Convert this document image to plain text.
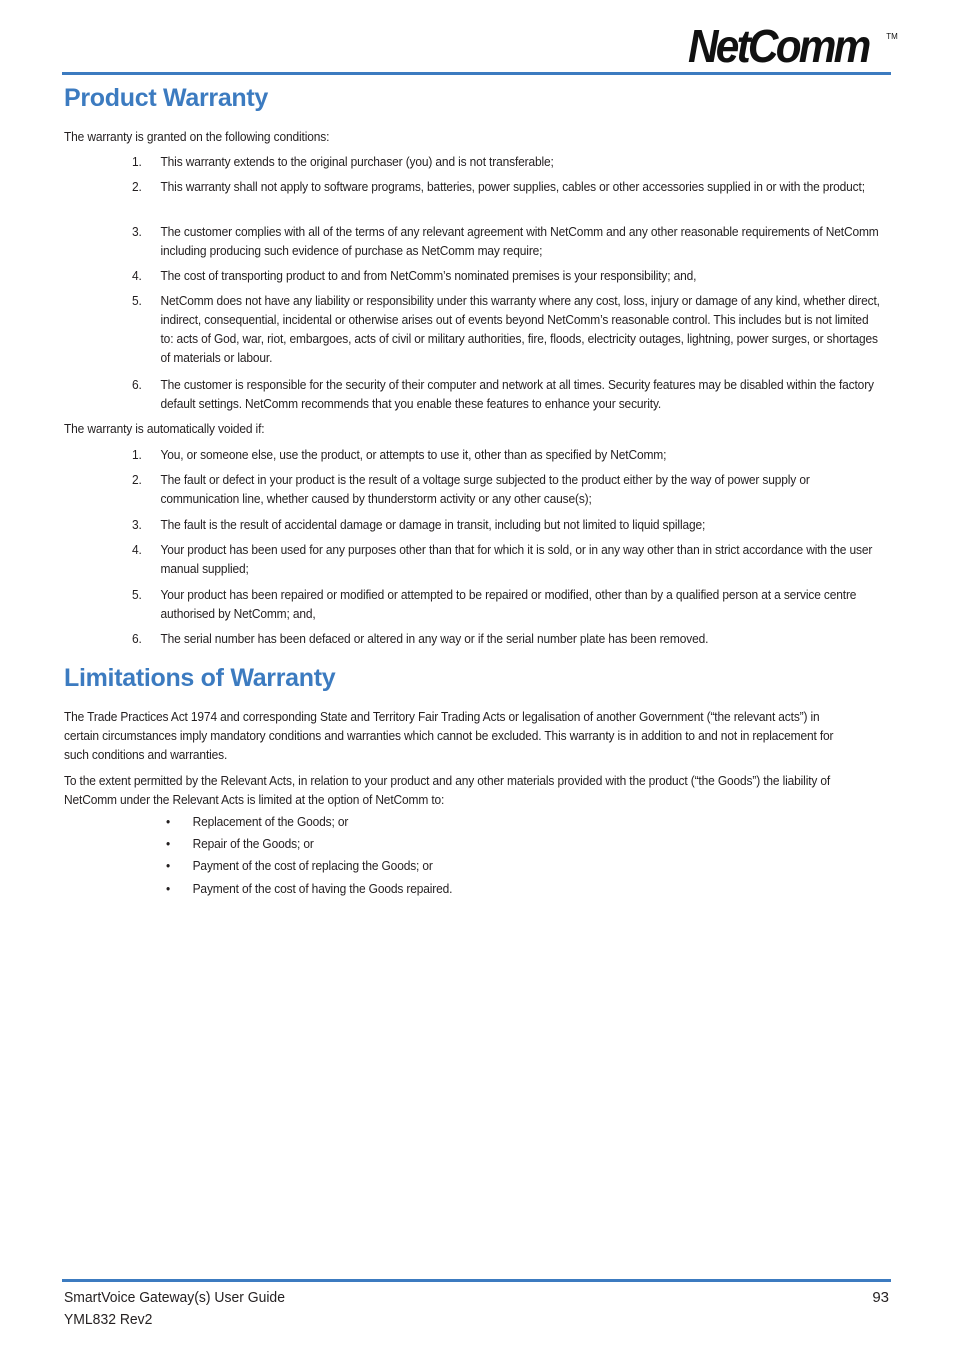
NetComm TM
Product Warranty

The warranty is granted on the following conditions:

1.	This warranty extends to the original purchaser (you) and is not transferable;
2.	This warranty shall not apply to software programs, batteries, power supplies, cables or other accessories supplied in or with the product;
3.	The customer complies with all of the terms of any relevant agreement with NetComm and any other reasonable requirements of NetComm including producing such evidence of purchase as NetComm may require;
4.	The cost of transporting product to and from NetComm’s nominated premises is your responsibility; and,
5.	NetComm does not have any liability or responsibility under this warranty where any cost, loss, injury or damage of any kind, whether direct, indirect, consequential, incidental or otherwise arises out of events beyond NetComm’s reasonable control. This includes but is not limited to: acts of God, war, riot, embargoes, acts of civil or military authorities, fire, floods, electricity outages, lightning, power surges, or shortages of materials or labour.
6.	The customer is responsible for the security of their computer and network at all times. Security features may be disabled within the factory default settings. NetComm recommends that you enable these features to enhance your security.

The warranty is automatically voided if:

1.	You, or someone else, use the product, or attempts to use it, other than as specified by NetComm;
2.	The fault or defect in your product is the result of a voltage surge subjected to the product either by the way of power supply or communication line, whether caused by thunderstorm activity or any other cause(s);
3.	The fault is the result of accidental damage or damage in transit, including but not limited to liquid spillage;
4.	Your product has been used for any purposes other than that for which it is sold, or in any way other than in strict accordance with the user manual supplied;
5.	Your product has been repaired or modified or attempted to be repaired or modified, other than by a qualified person at a service centre authorised by NetComm; and,
6.	The serial number has been defaced or altered in any way or if the serial number plate has been removed.
Limitations of Warranty

The Trade Practices Act 1974 and corresponding State and Territory Fair Trading Acts or legalisation of another Government (“the relevant acts”) in certain circumstances imply mandatory conditions and warranties which cannot be excluded. This warranty is in addition to and not in replacement for such conditions and warranties.

To the extent permitted by the Relevant Acts, in relation to your product and any other materials provided with the product (“the Goods”) the liability of NetComm under the Relevant Acts is limited at the option of NetComm to:

• Replacement of the Goods; or
• Repair of the Goods; or
• Payment of the cost of replacing the Goods; or
• Payment of the cost of having the Goods repaired.
SmartVoice Gateway(s) User Guide
YML832 Rev2
93
